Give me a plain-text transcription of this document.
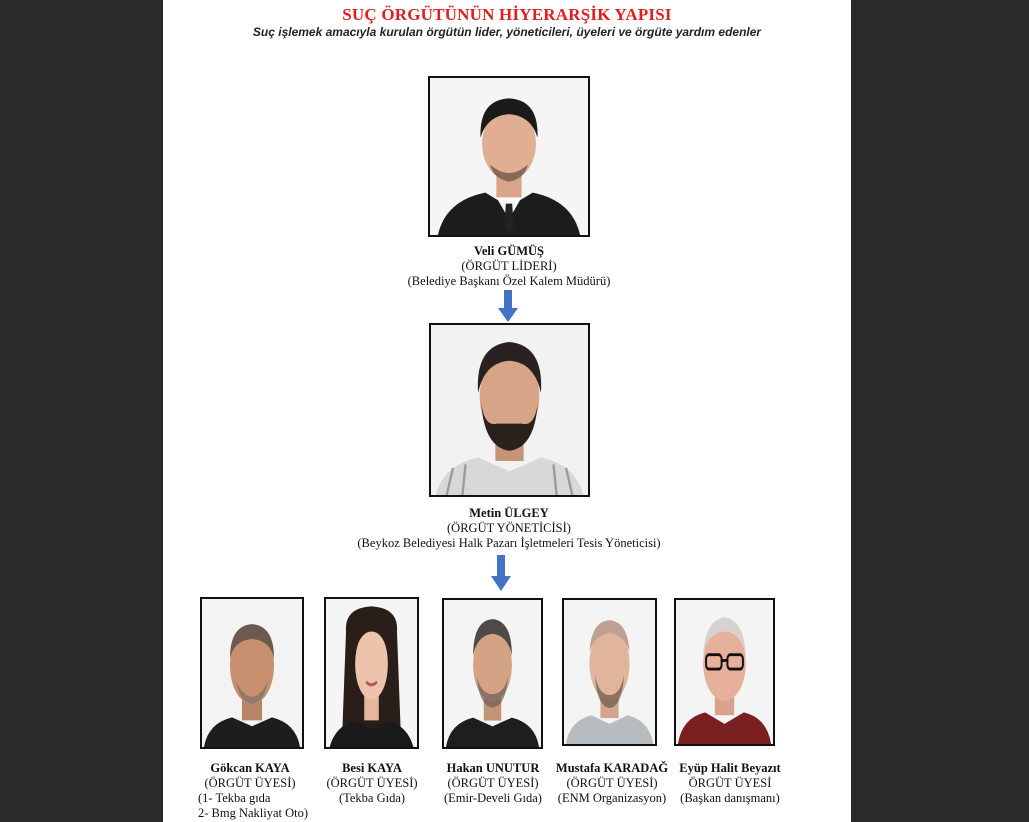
SUÇ ÖRGÜTÜNÜN HİYERARŞİK YAPISI
Suç işlemek amacıyla kurulan örgütün lider, yöneticileri, üyeleri ve örgüte yardım edenler
Veli GÜMÜŞ
(ÖRGÜT LİDERİ)
(Belediye Başkanı Özel Kalem Müdürü)
Metin ÜLGEY
(ÖRGÜT YÖNETİCİSİ)
(Beykoz Belediyesi Halk Pazarı İşletmeleri Tesis Yöneticisi)
Gökcan KAYA
(ÖRGÜT ÜYESİ)
(1- Tekba gıda
2- Bmg Nakliyat Oto)
Besi KAYA
(ÖRGÜT ÜYESİ)
(Tekba Gıda)
Hakan UNUTUR
(ÖRGÜT ÜYESİ)
(Emir-Develi Gıda)
Mustafa KARADAĞ
(ÖRGÜT ÜYESİ)
(ENM Organizasyon)
Eyüp Halit Beyazıt
ÖRGÜT ÜYESİ
(Başkan danışmanı)
